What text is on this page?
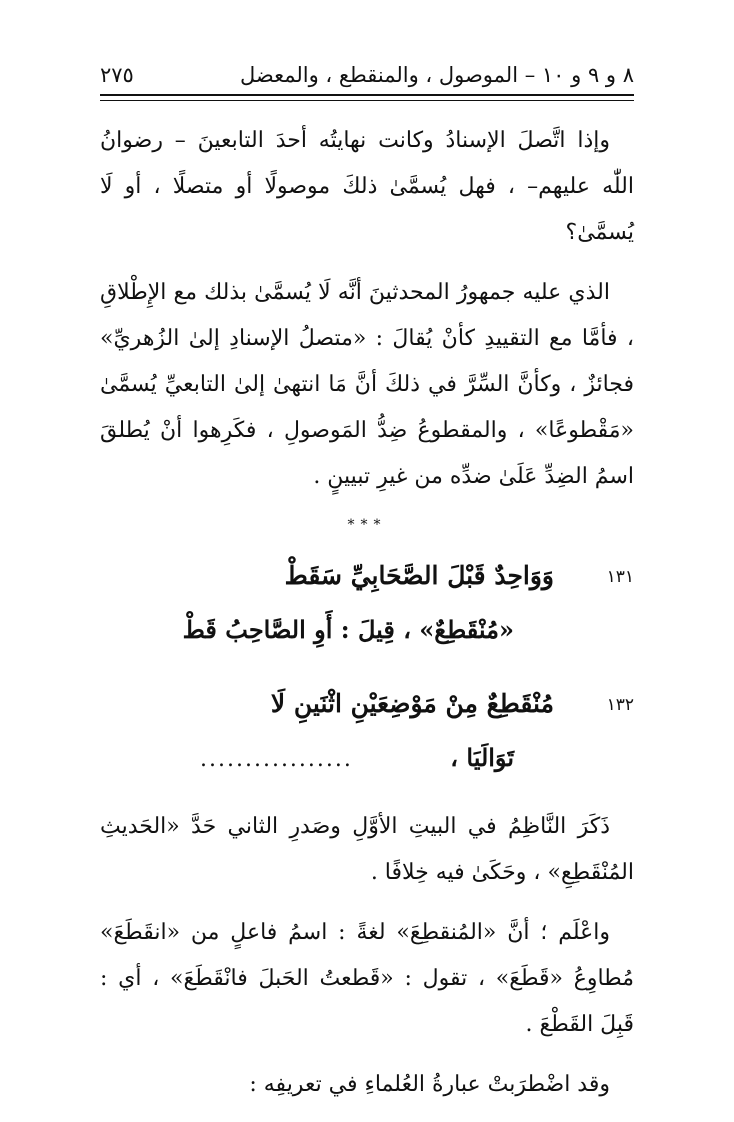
٨ و ٩ و ١٠ – الموصول ، والمنقطع ، والمعضل
٢٧٥

وإذا اتَّصلَ الإسنادُ وكانت نهايتُه أحدَ التابعينَ – رضوانُ اللّٰه عليهم– ، فهل يُسمَّىٰ ذلكَ موصولًا أو متصلًا ، أو لَا يُسمَّىٰ؟

الذي عليه جمهورُ المحدثينَ أنَّه لَا يُسمَّىٰ بذلك مع الإِطْلاقِ ، فأمَّا مع التقييدِ كأنْ يُقالَ : «متصلُ الإسنادِ إلىٰ الزُهريِّ» فجائزٌ ، وكأنَّ السِّرَّ في ذلكَ أنَّ مَا انتهىٰ إلىٰ التابعيِّ يُسمَّىٰ «مَقْطوعًا» ، والمقطوعُ ضِدُّ المَوصولِ ، فكَرِهوا أنْ يُطلقَ اسمُ الضِدِّ عَلَىٰ ضدِّه من غيرِ تبيينٍ .

***
١٣١
وَوَاحِدٌ قَبْلَ الصَّحَابِيِّ سَقَطْ
«مُنْقَطِعٌ» ، قِيلَ : أَوِ الصَّاحِبُ قَطْ
١٣٢
مُنْقَطِعٌ مِنْ مَوْضِعَيْنِ اثْنَينِ لَا
تَوَالَيَا ،
.................

ذَكَرَ النَّاظِمُ في البيتِ الأوَّلِ وصَدرِ الثاني حَدَّ «الحَديثِ المُنْقَطِعِ» ، وحَكَىٰ فيه خِلافًا .

واعْلَم ؛ أنَّ «المُنقطِعَ» لغةً : اسمُ فاعلٍ من «انقَطَعَ» مُطاوِعُ «قَطَعَ» ، تقول : «قَطعتُ الحَبلَ فانْقَطَعَ» ، أي : قَبِلَ القَطْعَ .

وقد اضْطرَبتْ عبارةُ العُلماءِ في تعريفِه :
